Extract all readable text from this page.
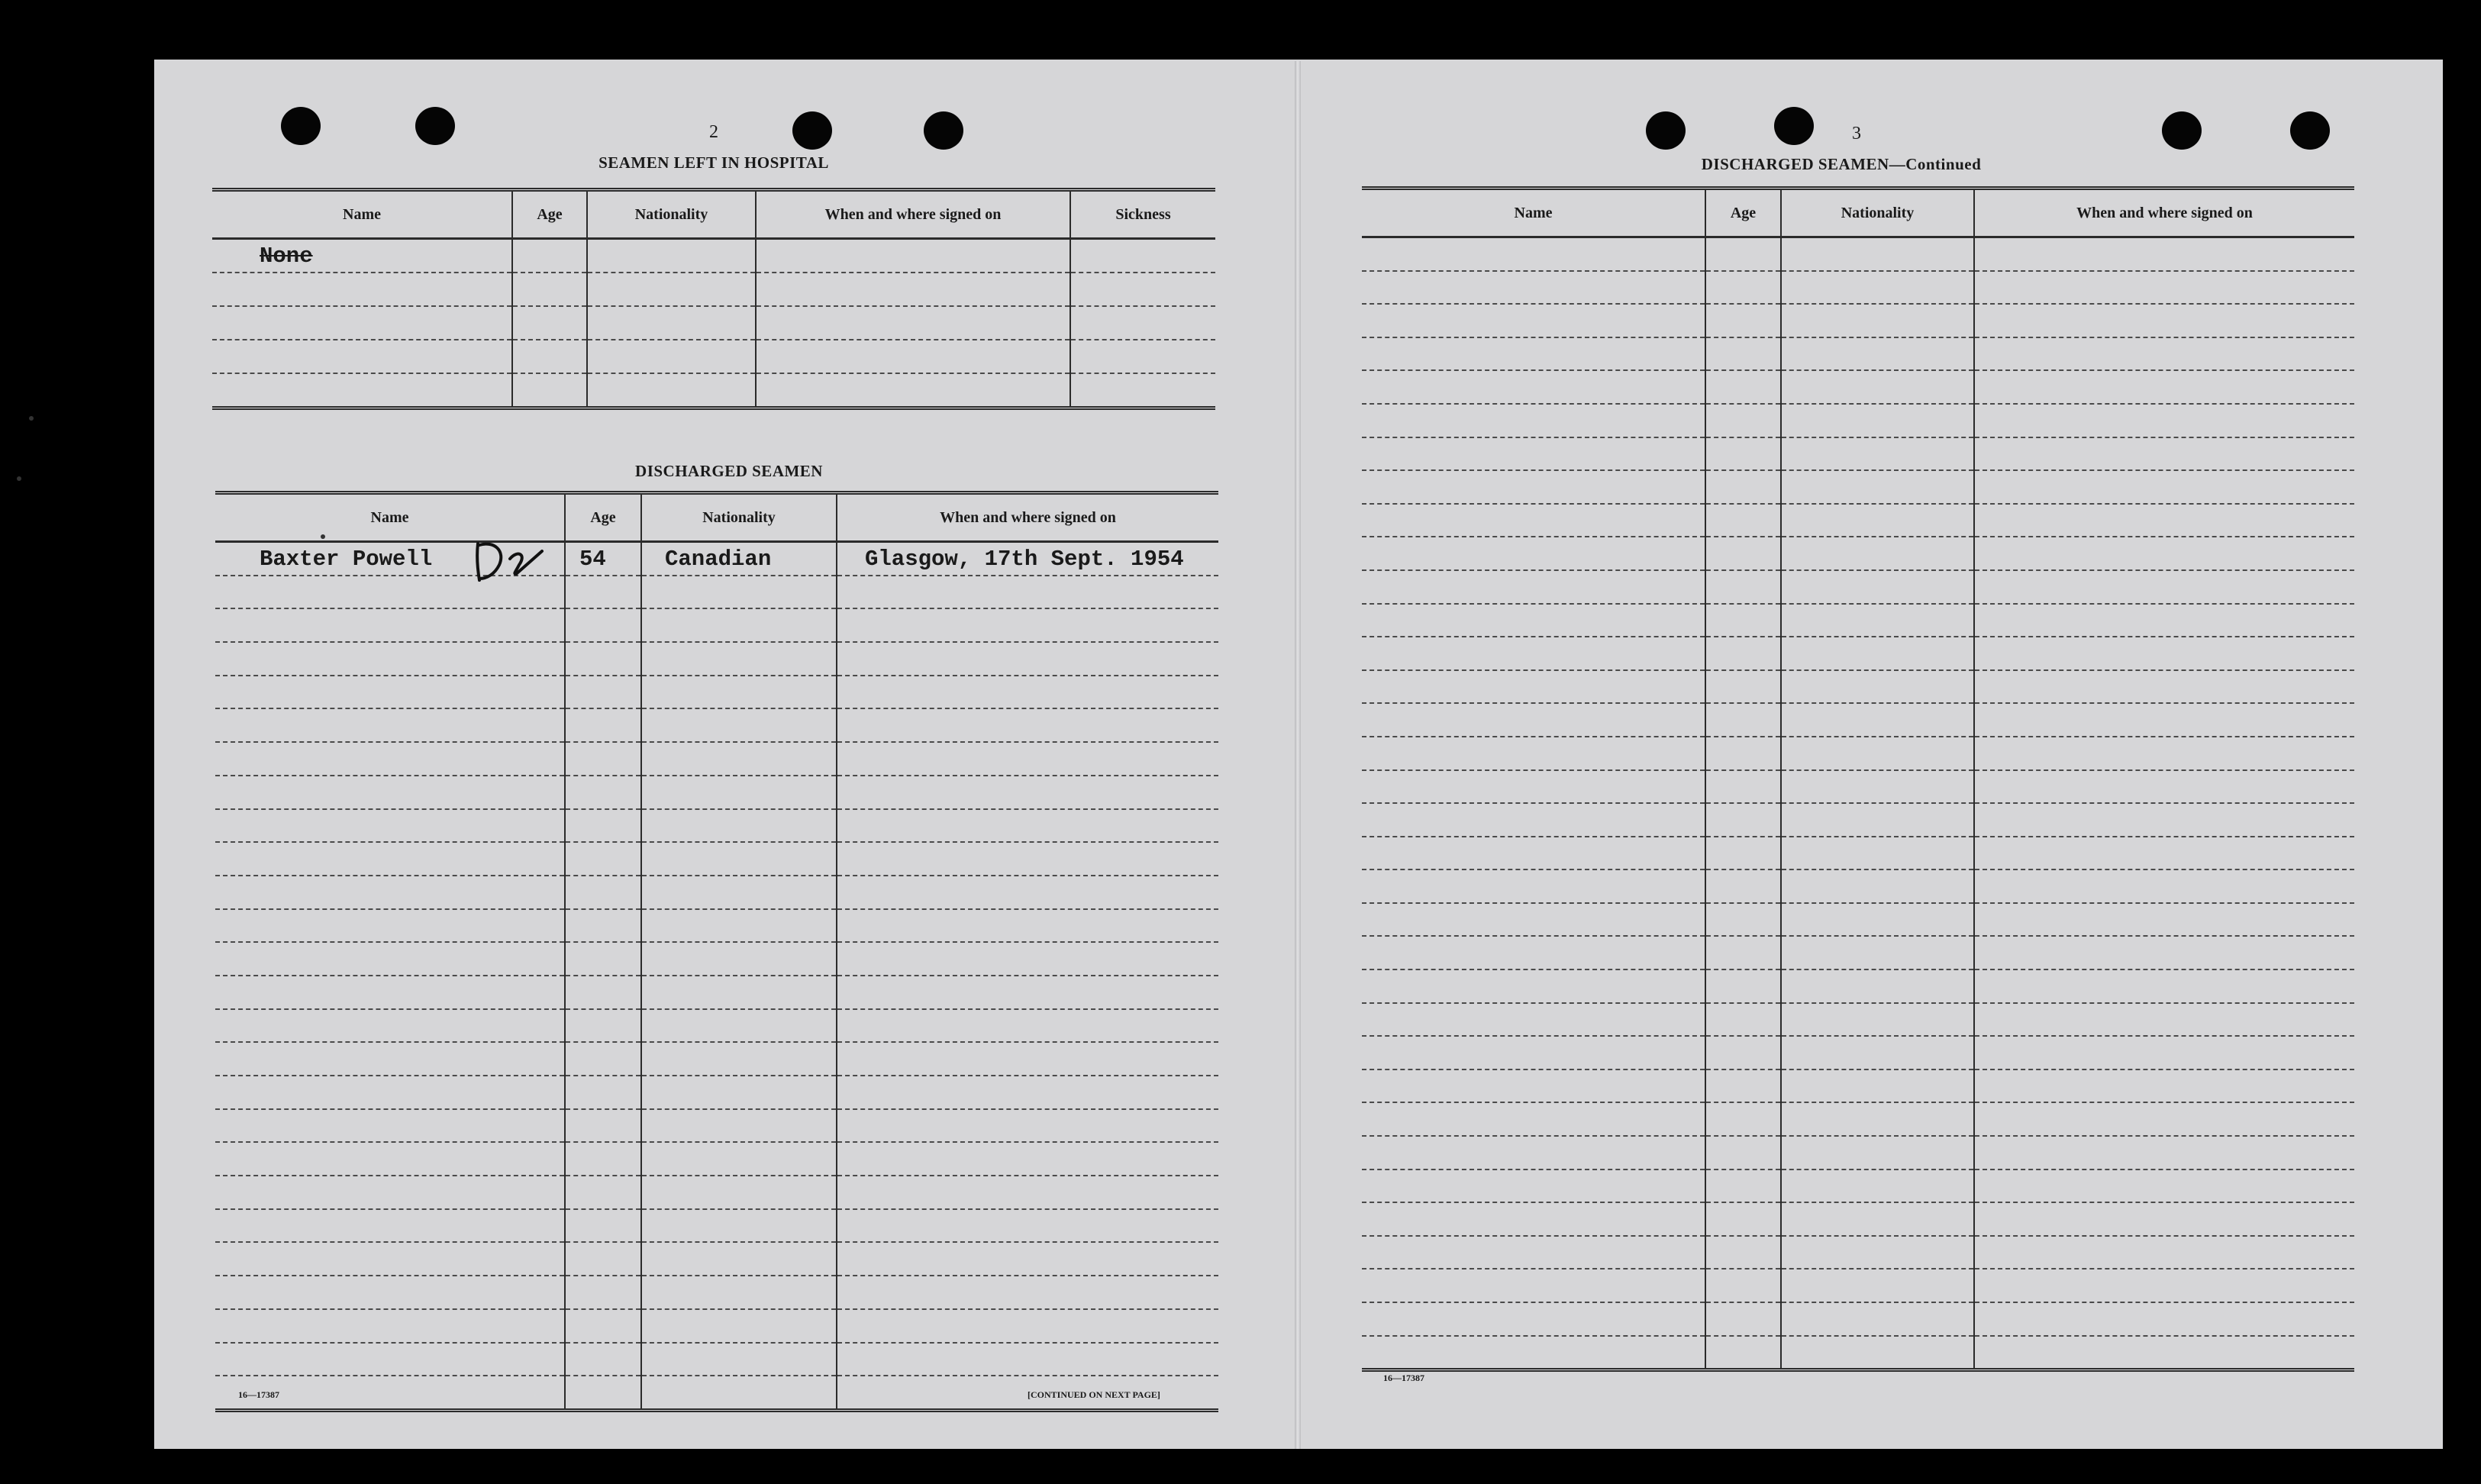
2
SEAMEN LEFT IN HOSPITAL
Name	Age	Nationality	When and where signed on	Sickness
None				

DISCHARGED SEAMEN
Name	Age	Nationality	When and where signed on
Baxter Powell	54	Canadian	Glasgow, 17th Sept. 1954

16—17387	[CONTINUED ON NEXT PAGE]
3
DISCHARGED SEAMEN—Continued
Name	Age	Nationality	When and where signed on

16—17387
